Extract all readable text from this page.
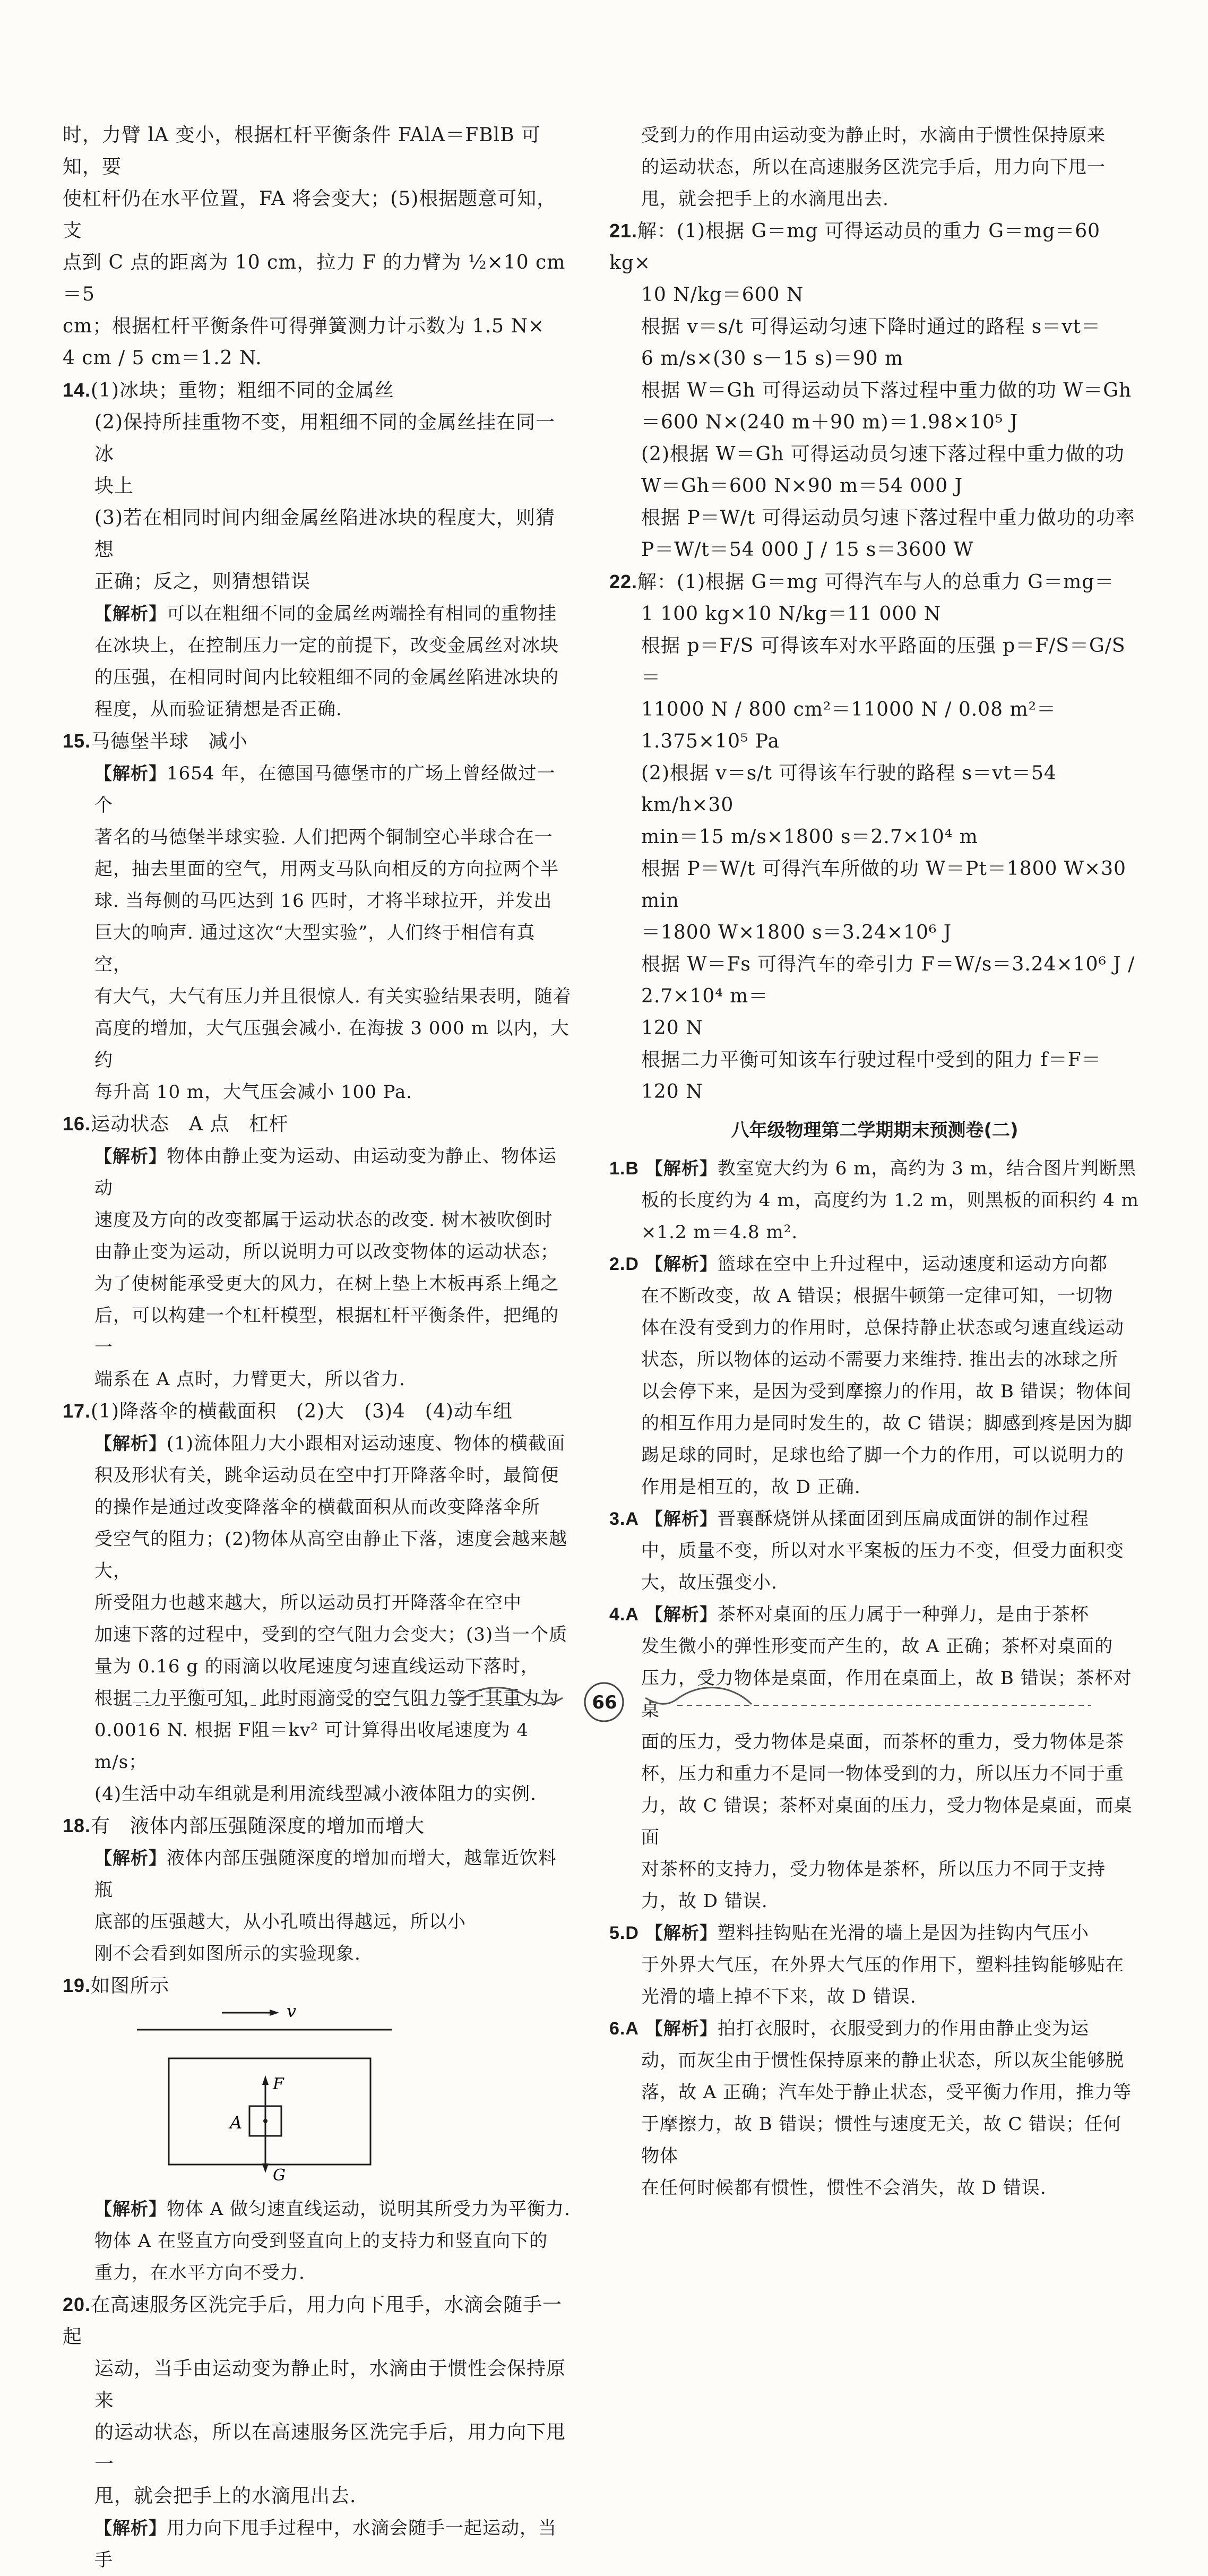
时，力臂 lA 变小，根据杠杆平衡条件 FAlA＝FBlB 可知，要

使杠杆仍在水平位置，FA 将会变大；(5)根据题意可知，支

点到 C 点的距离为 10 cm，拉力 F 的力臂为 ½×10 cm＝5

cm；根据杠杆平衡条件可得弹簧测力计示数为 1.5 N×

4 cm / 5 cm＝1.2 N.

14.(1)冰块；重物；粗细不同的金属丝

(2)保持所挂重物不变，用粗细不同的金属丝挂在同一冰

块上

(3)若在相同时间内细金属丝陷进冰块的程度大，则猜想

正确；反之，则猜想错误

【解析】可以在粗细不同的金属丝两端拴有相同的重物挂

在冰块上，在控制压力一定的前提下，改变金属丝对冰块

的压强，在相同时间内比较粗细不同的金属丝陷进冰块的

程度，从而验证猜想是否正确.

15.马德堡半球　减小

【解析】1654 年，在德国马德堡市的广场上曾经做过一个

著名的马德堡半球实验. 人们把两个铜制空心半球合在一

起，抽去里面的空气，用两支马队向相反的方向拉两个半

球. 当每侧的马匹达到 16 匹时，才将半球拉开，并发出

巨大的响声. 通过这次“大型实验”，人们终于相信有真空，

有大气，大气有压力并且很惊人. 有关实验结果表明，随着

高度的增加，大气压强会减小. 在海拔 3 000 m 以内，大约

每升高 10 m，大气压会减小 100 Pa.

16.运动状态　A 点　杠杆

【解析】物体由静止变为运动、由运动变为静止、物体运动

速度及方向的改变都属于运动状态的改变. 树木被吹倒时

由静止变为运动，所以说明力可以改变物体的运动状态；

为了使树能承受更大的风力，在树上垫上木板再系上绳之

后，可以构建一个杠杆模型，根据杠杆平衡条件，把绳的一

端系在 A 点时，力臂更大，所以省力.

17.(1)降落伞的横截面积　(2)大　(3)4　(4)动车组

【解析】(1)流体阻力大小跟相对运动速度、物体的横截面

积及形状有关，跳伞运动员在空中打开降落伞时，最简便

的操作是通过改变降落伞的横截面积从而改变降落伞所

受空气的阻力；(2)物体从高空由静止下落，速度会越来越大，

所受阻力也越来越大，所以运动员打开降落伞在空中

加速下落的过程中，受到的空气阻力会变大；(3)当一个质

量为 0.16 g 的雨滴以收尾速度匀速直线运动下落时，

根据二力平衡可知，此时雨滴受的空气阻力等于其重力为

0.0016 N. 根据 F阻＝kv² 可计算得出收尾速度为 4 m/s；

(4)生活中动车组就是利用流线型减小液体阻力的实例.

18.有　液体内部压强随深度的增加而增大

【解析】液体内部压强随深度的增加而增大，越靠近饮料瓶

底部的压强越大，从小孔喷出得越远，所以小

刚不会看到如图所示的实验现象.

19.如图所示

v
F
G
A

【解析】物体 A 做匀速直线运动，说明其所受力为平衡力.

物体 A 在竖直方向受到竖直向上的支持力和竖直向下的

重力，在水平方向不受力.

20.在高速服务区洗完手后，用力向下甩手，水滴会随手一起

运动，当手由运动变为静止时，水滴由于惯性会保持原来

的运动状态，所以在高速服务区洗完手后，用力向下甩一

甩，就会把手上的水滴甩出去.

【解析】用力向下甩手过程中，水滴会随手一起运动，当手

受到力的作用由运动变为静止时，水滴由于惯性保持原来

的运动状态，所以在高速服务区洗完手后，用力向下甩一

甩，就会把手上的水滴甩出去.

21.解：(1)根据 G＝mg 可得运动员的重力 G＝mg＝60 kg×

10 N/kg＝600 N

根据 v＝s/t 可得运动匀速下降时通过的路程 s＝vt＝

6 m/s×(30 s－15 s)＝90 m

根据 W＝Gh 可得运动员下落过程中重力做的功 W＝Gh

＝600 N×(240 m＋90 m)＝1.98×10⁵ J

(2)根据 W＝Gh 可得运动员匀速下落过程中重力做的功

W＝Gh＝600 N×90 m＝54 000 J

根据 P＝W/t 可得运动员匀速下落过程中重力做功的功率

P＝W/t＝54 000 J / 15 s＝3600 W

22.解：(1)根据 G＝mg 可得汽车与人的总重力 G＝mg＝

1 100 kg×10 N/kg＝11 000 N

根据 p＝F/S 可得该车对水平路面的压强 p＝F/S＝G/S＝

11000 N / 800 cm²＝11000 N / 0.08 m²＝1.375×10⁵ Pa

(2)根据 v＝s/t 可得该车行驶的路程 s＝vt＝54 km/h×30

min＝15 m/s×1800 s＝2.7×10⁴ m

根据 P＝W/t 可得汽车所做的功 W＝Pt＝1800 W×30 min

＝1800 W×1800 s＝3.24×10⁶ J

根据 W＝Fs 可得汽车的牵引力 F＝W/s＝3.24×10⁶ J / 2.7×10⁴ m＝

120 N

根据二力平衡可知该车行驶过程中受到的阻力 f＝F＝

120 N

八年级物理第二学期期末预测卷(二)

1.B 【解析】教室宽大约为 6 m，高约为 3 m，结合图片判断黑

板的长度约为 4 m，高度约为 1.2 m，则黑板的面积约 4 m

×1.2 m＝4.8 m².

2.D 【解析】篮球在空中上升过程中，运动速度和运动方向都

在不断改变，故 A 错误；根据牛顿第一定律可知，一切物

体在没有受到力的作用时，总保持静止状态或匀速直线运动

状态，所以物体的运动不需要力来维持. 推出去的冰球之所

以会停下来，是因为受到摩擦力的作用，故 B 错误；物体间

的相互作用力是同时发生的，故 C 错误；脚感到疼是因为脚

踢足球的同时，足球也给了脚一个力的作用，可以说明力的

作用是相互的，故 D 正确.

3.A 【解析】晋襄酥烧饼从揉面团到压扁成面饼的制作过程

中，质量不变，所以对水平案板的压力不变，但受力面积变

大，故压强变小.

4.A 【解析】茶杯对桌面的压力属于一种弹力，是由于茶杯

发生微小的弹性形变而产生的，故 A 正确；茶杯对桌面的

压力，受力物体是桌面，作用在桌面上，故 B 错误；茶杯对桌

面的压力，受力物体是桌面，而茶杯的重力，受力物体是茶

杯，压力和重力不是同一物体受到的力，所以压力不同于重

力，故 C 错误；茶杯对桌面的压力，受力物体是桌面，而桌面

对茶杯的支持力，受力物体是茶杯，所以压力不同于支持

力，故 D 错误.

5.D 【解析】塑料挂钩贴在光滑的墙上是因为挂钩内气压小

于外界大气压，在外界大气压的作用下，塑料挂钩能够贴在

光滑的墙上掉不下来，故 D 错误.

6.A 【解析】拍打衣服时，衣服受到力的作用由静止变为运

动，而灰尘由于惯性保持原来的静止状态，所以灰尘能够脱

落，故 A 正确；汽车处于静止状态，受平衡力作用，推力等

于摩擦力，故 B 错误；惯性与速度无关，故 C 错误；任何物体

在任何时候都有惯性，惯性不会消失，故 D 错误.

66
